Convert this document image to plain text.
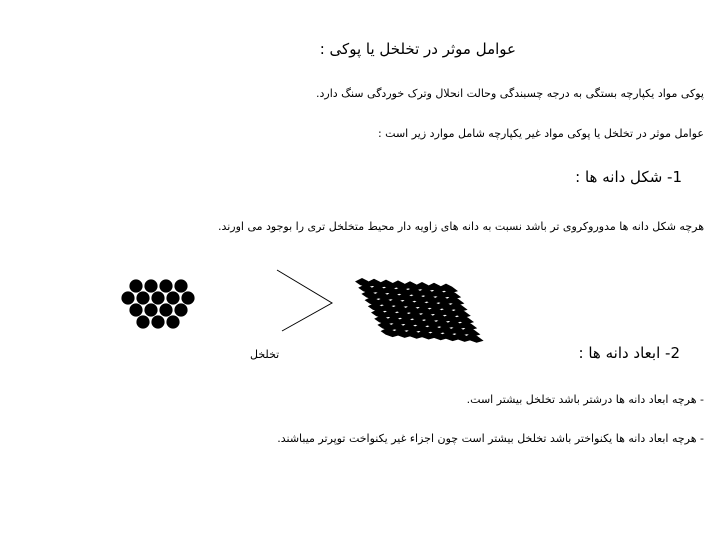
عوامل موثر در تخلخل یا پوکی :
پوکی مواد یکپارچه بستگی به درجه چسبندگی وحالت انحلال وترک خوردگی سنگ دارد.
عوامل موثر در تخلخل یا پوکی مواد غیر یکپارچه شامل موارد زیر است :
1- شکل دانه ها :
هرچه شکل دانه ها مدوروکروی تر باشد نسبت به دانه های زاویه دار محیط متخلخل تری را بوجود می اورند.
تخلخل	2- ابعاد دانه ها :
- هرچه ابعاد دانه ها درشتر باشد تخلخل بیشتر است.
- هرچه ابعاد دانه ها یکنواختر باشد تخلخل بیشتر است چون اجزاء غیر یکنواخت توپرتر میباشند.
